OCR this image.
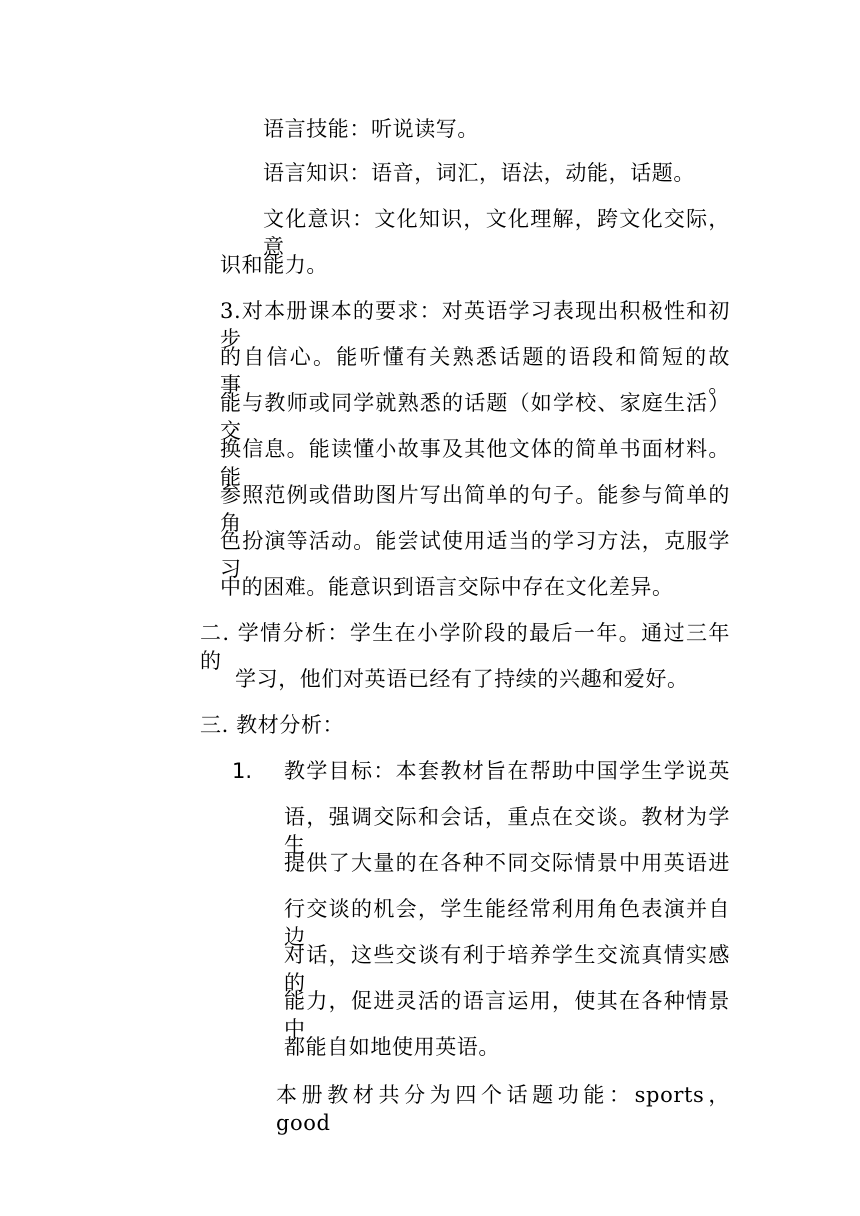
语言技能：听说读写。
语言知识：语音，词汇，语法，动能，话题。
文化意识：文化知识，文化理解，跨文化交际，意
识和能力。
3.对本册课本的要求：对英语学习表现出积极性和初步
的自信心。能听懂有关熟悉话题的语段和简短的故事。
能与教师或同学就熟悉的话题（如学校、家庭生活）交
换信息。能读懂小故事及其他文体的简单书面材料。能
参照范例或借助图片写出简单的句子。能参与简单的角
色扮演等活动。能尝试使用适当的学习方法，克服学习
中的困难。能意识到语言交际中存在文化差异。
二. 学情分析：学生在小学阶段的最后一年。通过三年的
学习，他们对英语已经有了持续的兴趣和爱好。
三. 教材分析：
1. 教学目标：本套教材旨在帮助中国学生学说英
语，强调交际和会话，重点在交谈。教材为学生
提供了大量的在各种不同交际情景中用英语进
行交谈的机会，学生能经常利用角色表演并自边
对话，这些交谈有利于培养学生交流真情实感的
能力，促进灵活的语言运用，使其在各种情景中
都能自如地使用英语。
本册教材共分为四个话题功能：sports， good
